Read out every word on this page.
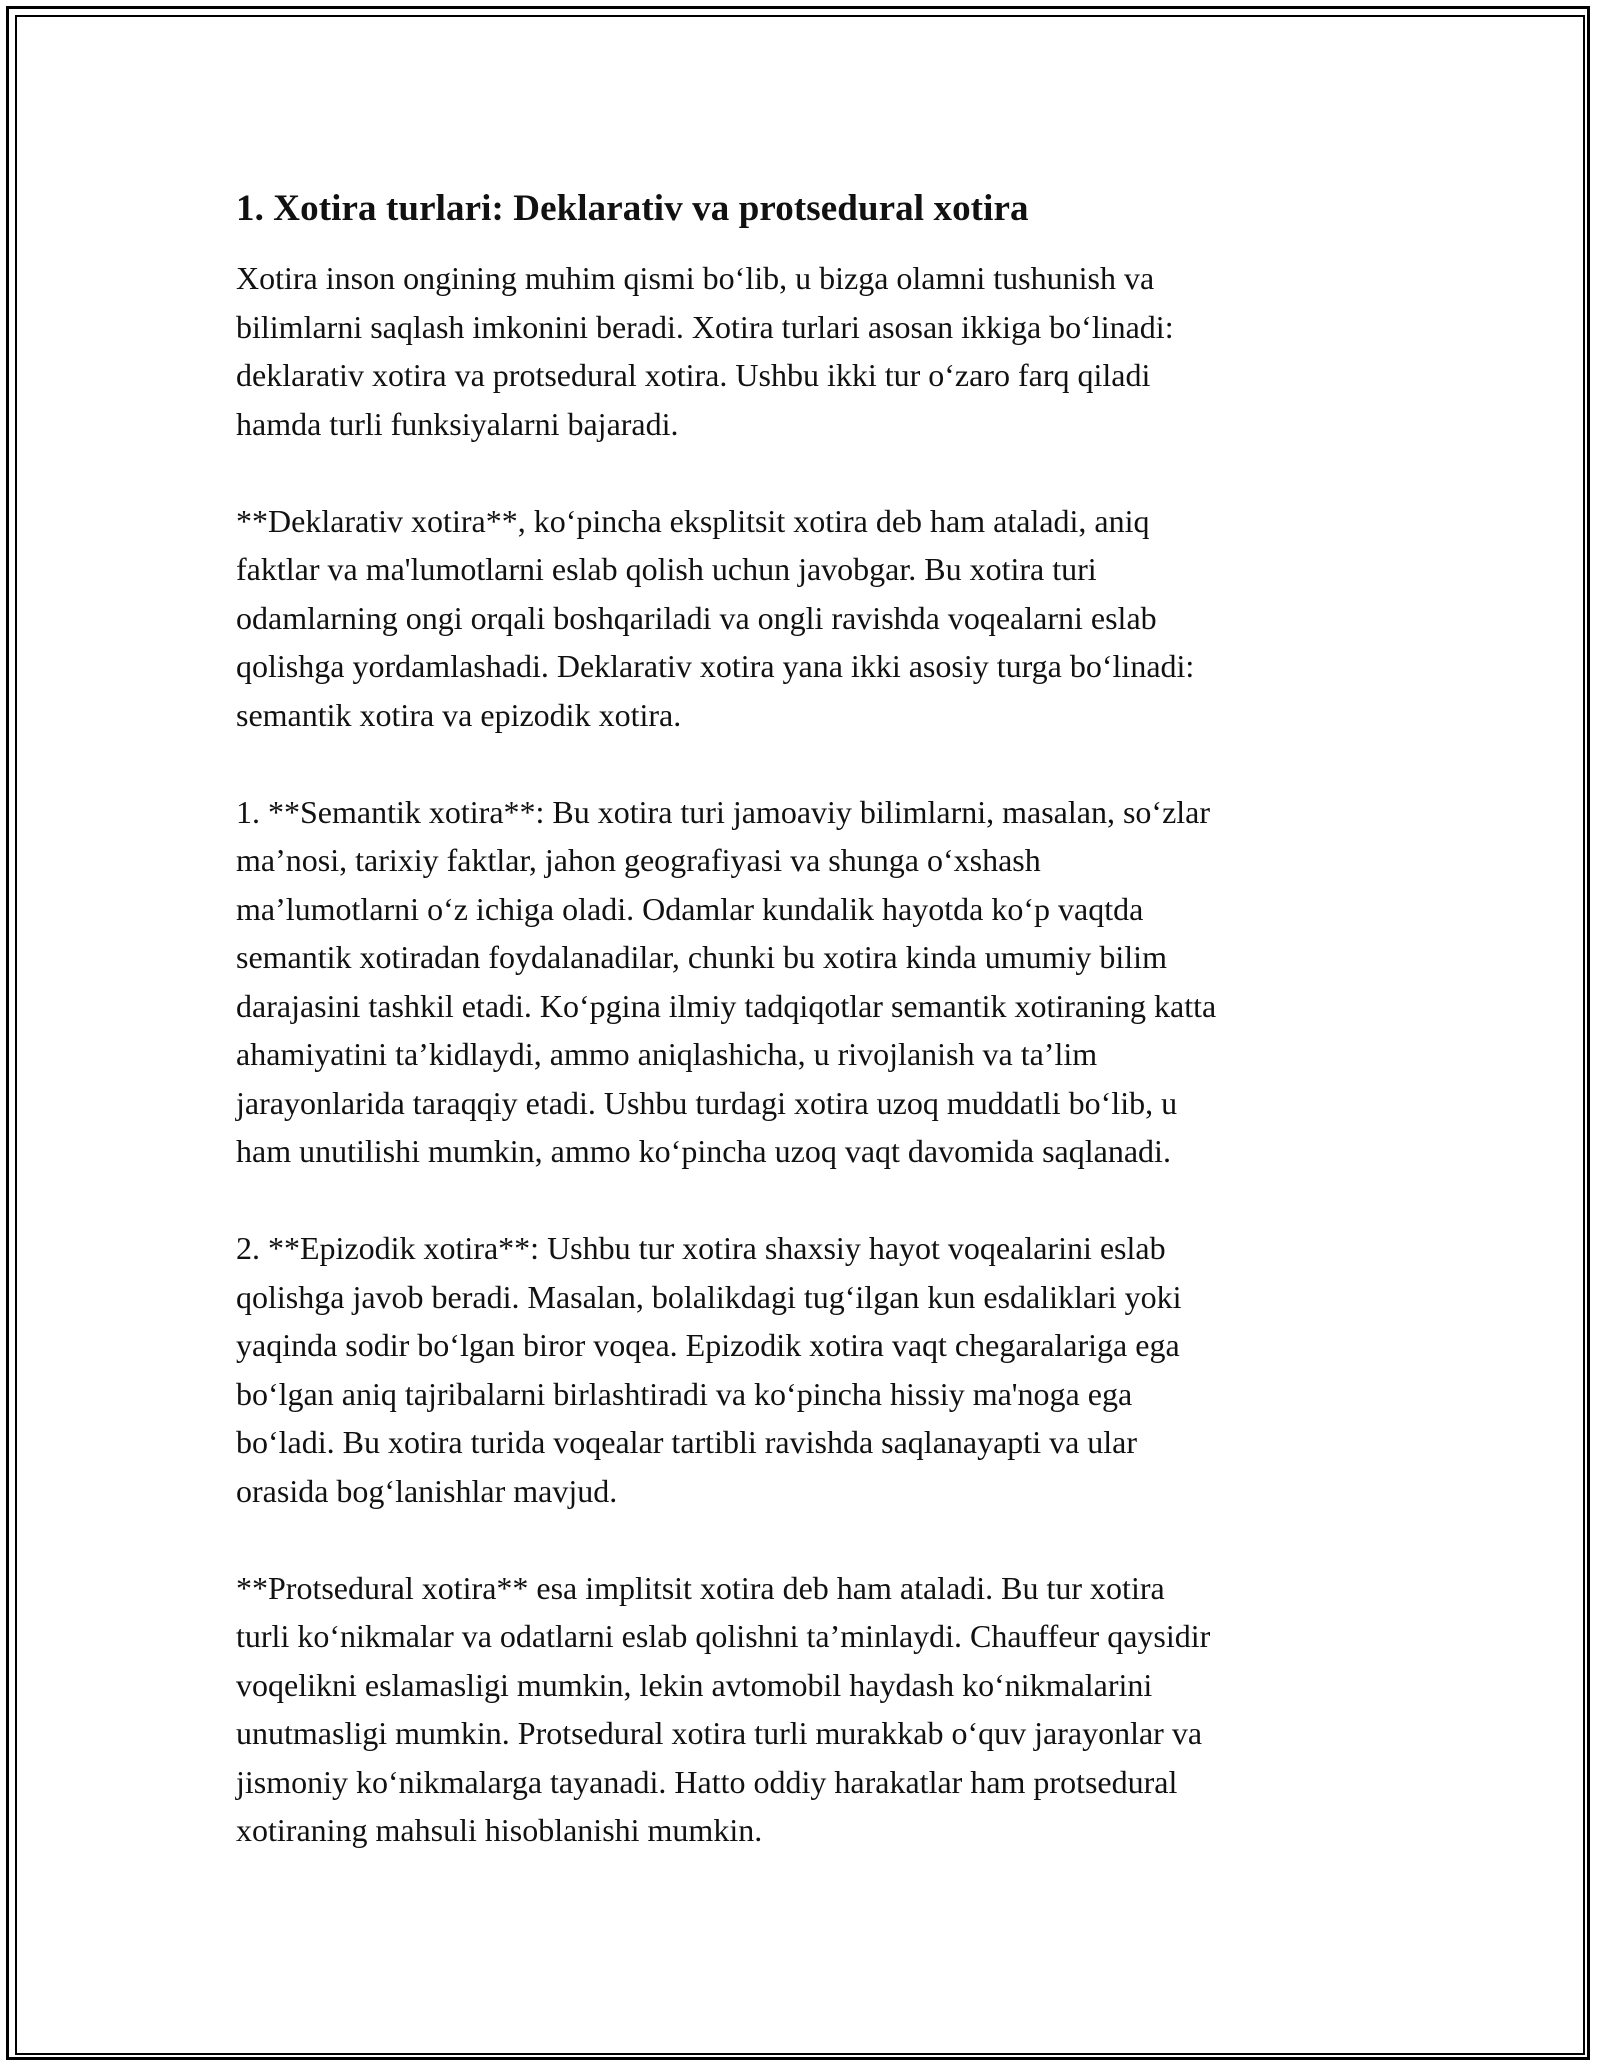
1. Xotira turlari: Deklarativ va protsedural xotira

Xotira inson ongining muhim qismi bo‘lib, u bizga olamni tushunish va
bilimlarni saqlash imkonini beradi. Xotira turlari asosan ikkiga bo‘linadi:
deklarativ xotira va protsedural xotira. Ushbu ikki tur o‘zaro farq qiladi
hamda turli funksiyalarni bajaradi.

**Deklarativ xotira**, ko‘pincha eksplitsit xotira deb ham ataladi, aniq
faktlar va ma'lumotlarni eslab qolish uchun javobgar. Bu xotira turi
odamlarning ongi orqali boshqariladi va ongli ravishda voqealarni eslab
qolishga yordamlashadi. Deklarativ xotira yana ikki asosiy turga bo‘linadi:
semantik xotira va epizodik xotira.

1. **Semantik xotira**: Bu xotira turi jamoaviy bilimlarni, masalan, so‘zlar
ma’nosi, tarixiy faktlar, jahon geografiyasi va shunga o‘xshash
ma’lumotlarni o‘z ichiga oladi. Odamlar kundalik hayotda ko‘p vaqtda
semantik xotiradan foydalanadilar, chunki bu xotira kinda umumiy bilim
darajasini tashkil etadi. Ko‘pgina ilmiy tadqiqotlar semantik xotiraning katta
ahamiyatini ta’kidlaydi, ammo aniqlashicha, u rivojlanish va ta’lim
jarayonlarida taraqqiy etadi. Ushbu turdagi xotira uzoq muddatli bo‘lib, u
ham unutilishi mumkin, ammo ko‘pincha uzoq vaqt davomida saqlanadi.

2. **Epizodik xotira**: Ushbu tur xotira shaxsiy hayot voqealarini eslab
qolishga javob beradi. Masalan, bolalikdagi tug‘ilgan kun esdaliklari yoki
yaqinda sodir bo‘lgan biror voqea. Epizodik xotira vaqt chegaralariga ega
bo‘lgan aniq tajribalarni birlashtiradi va ko‘pincha hissiy ma'noga ega
bo‘ladi. Bu xotira turida voqealar tartibli ravishda saqlanayapti va ular
orasida bog‘lanishlar mavjud.

**Protsedural xotira** esa implitsit xotira deb ham ataladi. Bu tur xotira
turli ko‘nikmalar va odatlarni eslab qolishni ta’minlaydi. Chauffeur qaysidir
voqelikni eslamasligi mumkin, lekin avtomobil haydash ko‘nikmalarini
unutmasligi mumkin. Protsedural xotira turli murakkab o‘quv jarayonlar va
jismoniy ko‘nikmalarga tayanadi. Hatto oddiy harakatlar ham protsedural
xotiraning mahsuli hisoblanishi mumkin.
